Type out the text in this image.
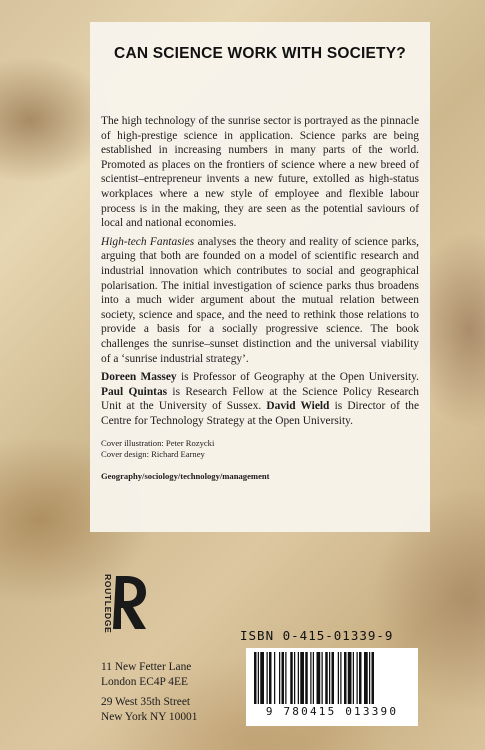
CAN SCIENCE WORK WITH SOCIETY?

The high technology of the sunrise sector is portrayed as the pinnacle of high-prestige science in application. Science parks are being established in increasing numbers in many parts of the world. Promoted as places on the frontiers of science where a new breed of scientist–entrepreneur invents a new future, extolled as high-status workplaces where a new style of employee and flexible labour process is in the making, they are seen as the potential saviours of local and national economies.

High-tech Fantasies analyses the theory and reality of science parks, arguing that both are founded on a model of scientific research and industrial innovation which contributes to social and geographical polarisation. The initial investigation of science parks thus broadens into a much wider argument about the mutual relation between society, science and space, and the need to rethink those relations to provide a basis for a socially progressive science. The book challenges the sunrise–sunset distinction and the universal viability of a ‘sunrise industrial strategy’.

Doreen Massey is Professor of Geography at the Open University. Paul Quintas is Research Fellow at the Science Policy Research Unit at the University of Sussex. David Wield is Director of the Centre for Technology Strategy at the Open University.

Cover illustration: Peter Rozycki
Cover design: Richard Earney
Geography/sociology/technology/management
ROUTLEDGE
11 New Fetter Lane
London EC4P 4EE
29 West 35th Street
New York NY 10001
ISBN 0-415-01339-9
9 780415 013390
